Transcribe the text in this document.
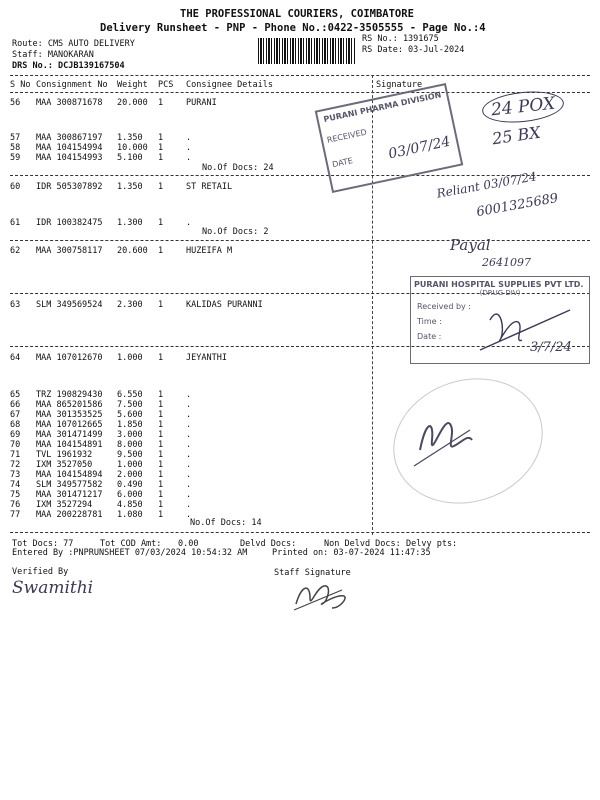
THE PROFESSIONAL COURIERS, COIMBATORE
Delivery Runsheet - PNP - Phone No.:0422-3505555 - Page No.:4
Route: CMS AUTO DELIVERY
Staff: MANOKARAN
DRS No.: DCJB139167504
RS No.: 1391675
RS Date: 03-Jul-2024
S No Consignment No Weight PCS Consignee Details	Signature
56 MAA 300871678 20.000 1	PURANI
57 MAA 300867197 1.350 1	.
58 MAA 104154994 10.000 1	.
59 MAA 104154993 5.100 1	.
60 IDR 505307892 1.350 1	ST RETAIL
61 IDR 100382475 1.300 1	.
62 MAA 300758117 20.600 1	HUZEIFA M
63 SLM 349569524 2.300 1	KALIDAS PURANNI
64 MAA 107012670 1.000 1	JEYANTHI
65 TRZ 190829430 6.550 1	.
66 MAA 865201586 7.500 1	.
67 MAA 301353525 5.600 1	.
68 MAA 107012665 1.850 1	.
69 MAA 301471499 3.000 1	.
70 MAA 104154891 8.000 1	.
71 TVL 1961932	9.500 1	.
72 IXM 3527050	1.000 1	.
73 MAA 104154894 2.000 1	.
74 SLM 349577582 0.490 1	.
75 MAA 301471217 6.000 1	.
76 IXM 3527294	4.850 1	.
77 MAA 200228781 1.080 1	.
No.Of Docs: 24
No.Of Docs: 2
No.Of Docs: 14
Tot Docs: 77	Tot COD Amt: 0.00	Delvd Docs:	Non Delvd Docs: Delvy pts:
Entered By :PNPRUNSHEET 07/03/2024 10:54:32 AM	Printed on: 03-07-2024 11:47:35
Verified By	Staff Signature
Swamithi
PURANI PHARMA DIVISION
RECEIVED
DATE
03/07/24
24 POX
25 BX
Reliant 03/07/24
6001325689
Payal
2641097
PURANI HOSPITAL SUPPLIES PVT LTD.
(DRUG DIV)
Received by :
Time :
Date :
3/7/24
